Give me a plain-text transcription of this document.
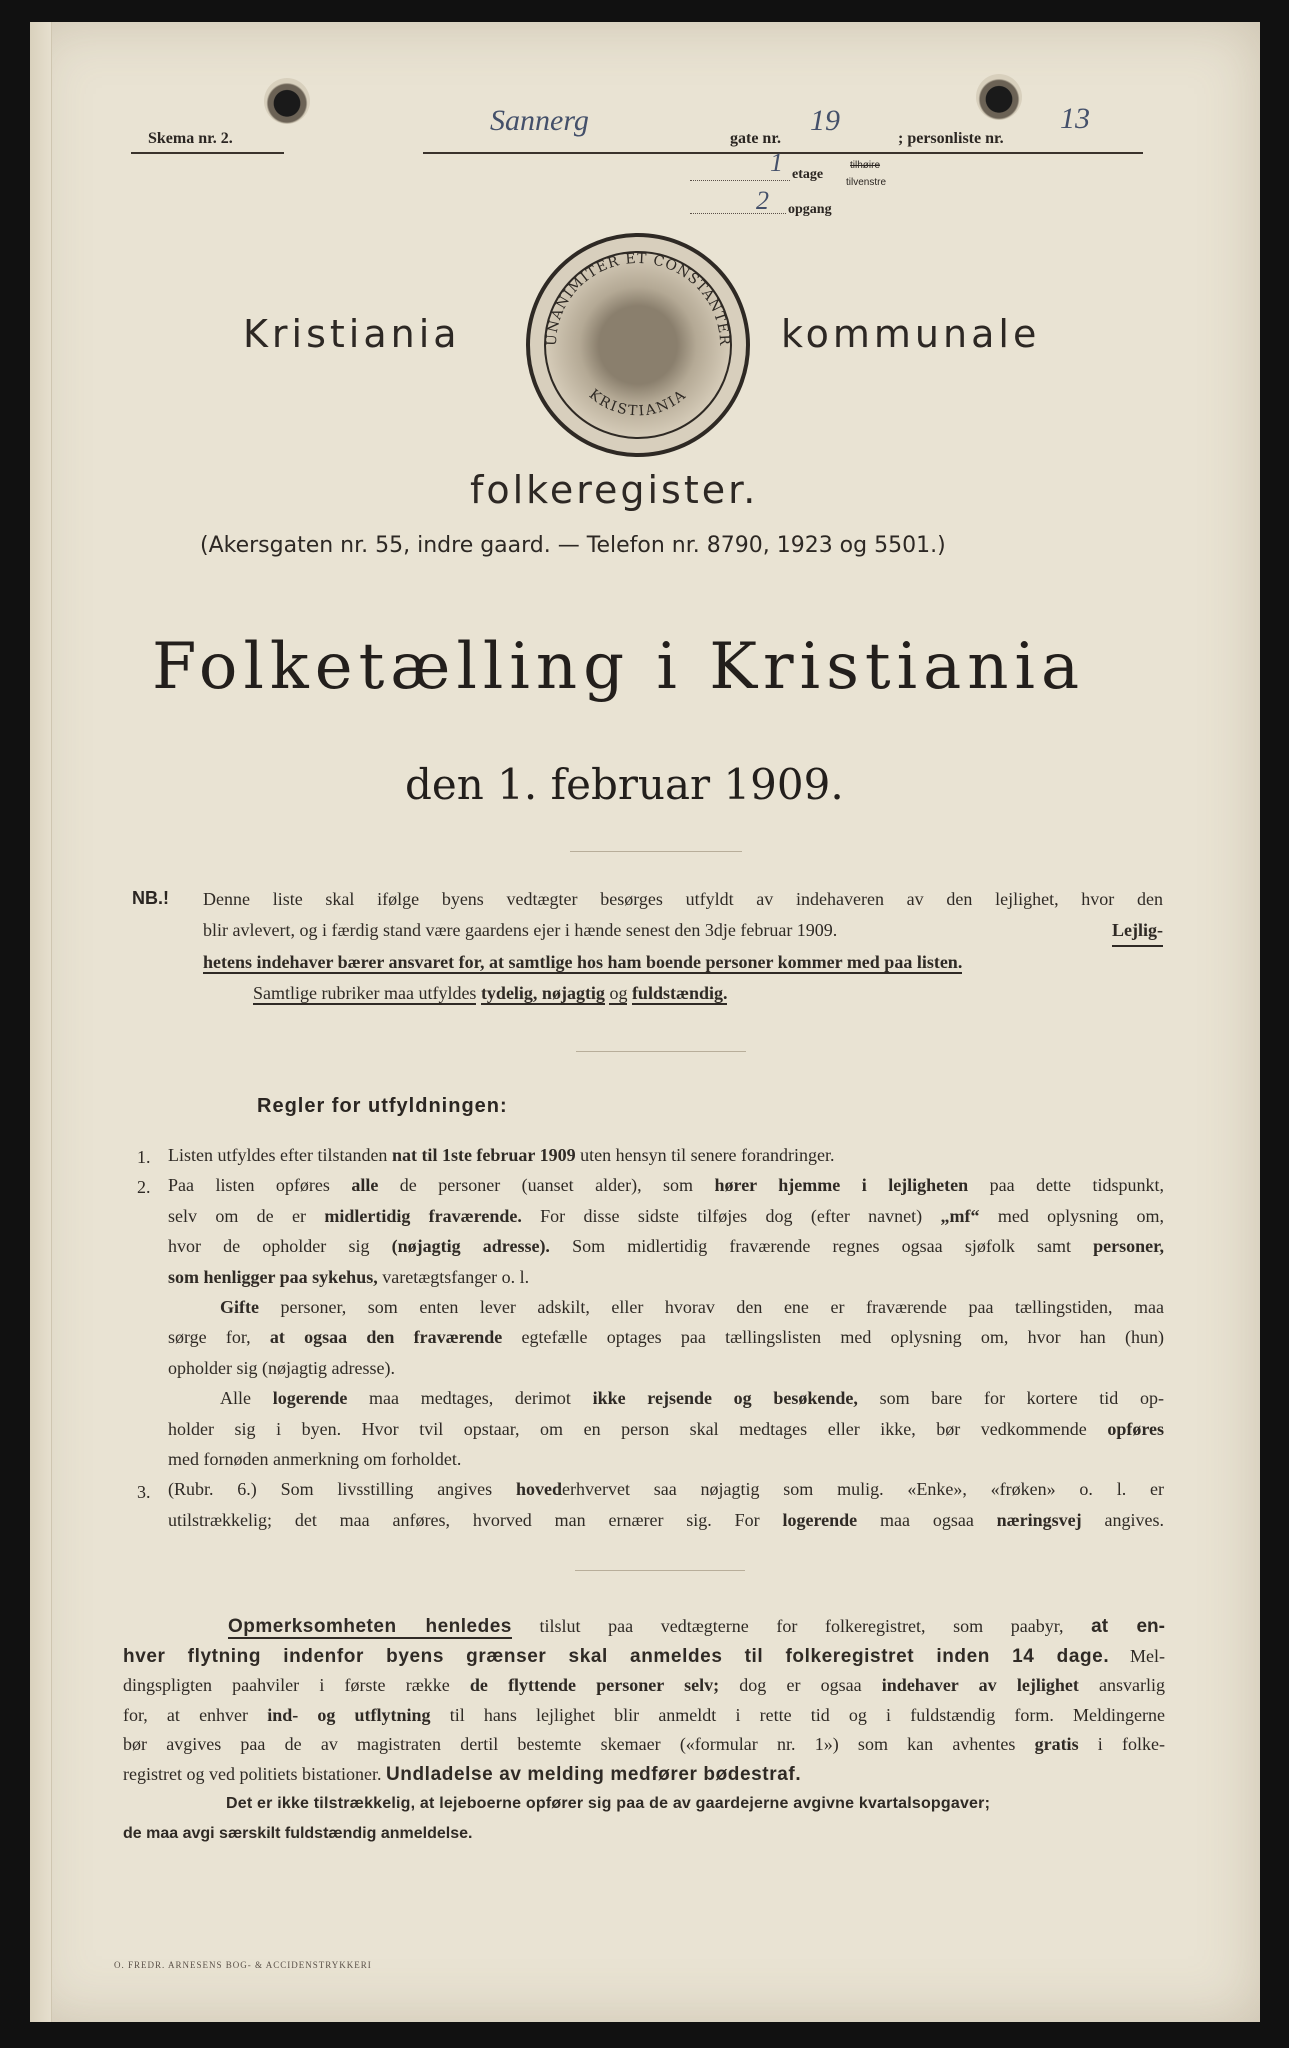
Skema nr. 2.
Sannerg
gate nr.
19
; personliste nr.
13
1 etage
tilhøire
tilvenstre
2 opgang
Kristiania	UNANIMITER ET CONSTANTER
KRISTIANIA
kommunale
folkeregister.
(Akersgaten nr. 55, indre gaard. — Telefon nr. 8790, 1923 og 5501.)
Folketælling i Kristiania
den 1. februar 1909.
NB.! Denne liste skal ifølge byens vedtægter besørges utfyldt av indehaveren av den lejlighet, hvor den
blir avlevert, og i færdig stand være gaardens ejer i hænde senest den 3dje februar 1909.	Lejlig-
hetens indehaver bærer ansvaret for, at samtlige hos ham boende personer kommer med paa listen.
Samtlige rubriker maa utfyldes tydelig, nøjagtig og fuldstændig.
Regler for utfyldningen:
1.
2.
3.
Listen utfyldes efter tilstanden nat til 1ste februar 1909 uten hensyn til senere forandringer.
Paa listen opføres alle de personer (uanset alder), som hører hjemme i lejligheten paa dette tidspunkt,
selv om de er midlertidig fraværende. For disse sidste tilføjes dog (efter navnet) „mf“ med oplysning om,
hvor de opholder sig (nøjagtig adresse). Som midlertidig fraværende regnes ogsaa sjøfolk samt personer,
som henligger paa sykehus, varetægtsfanger o. l.
Gifte personer, som enten lever adskilt, eller hvorav den ene er fraværende paa tællingstiden, maa
sørge for, at ogsaa den fraværende egtefælle optages paa tællingslisten med oplysning om, hvor han (hun)
opholder sig (nøjagtig adresse).
Alle logerende maa medtages, derimot ikke rejsende og besøkende, som bare for kortere tid op-
holder sig i byen. Hvor tvil opstaar, om en person skal medtages eller ikke, bør vedkommende opføres
med fornøden anmerkning om forholdet.
(Rubr. 6.) Som livsstilling angives hovederhvervet saa nøjagtig som mulig. «Enke», «frøken» o. l. er
utilstrækkelig; det maa anføres, hvorved man ernærer sig. For logerende maa ogsaa næringsvej angives.
Opmerksomheten henledes tilslut paa vedtægterne for folkeregistret, som paabyr, at en-
hver flytning indenfor byens grænser skal anmeldes til folkeregistret inden 14 dage. Mel-
dingspligten paahviler i første række de flyttende personer selv; dog er ogsaa indehaver av lejlighet ansvarlig
for, at enhver ind- og utflytning til hans lejlighet blir anmeldt i rette tid og i fuldstændig form. Meldingerne
bør avgives paa de av magistraten dertil bestemte skemaer («formular nr. 1») som kan avhentes gratis i folke-
registret og ved politiets bistationer. Undladelse av melding medfører bødestraf.
Det er ikke tilstrækkelig, at lejeboerne opfører sig paa de av gaardejerne avgivne kvartalsopgaver;
de maa avgi særskilt fuldstændig anmeldelse.
O. FREDR. ARNESENS BOG- & ACCIDENSTRYKKERI
